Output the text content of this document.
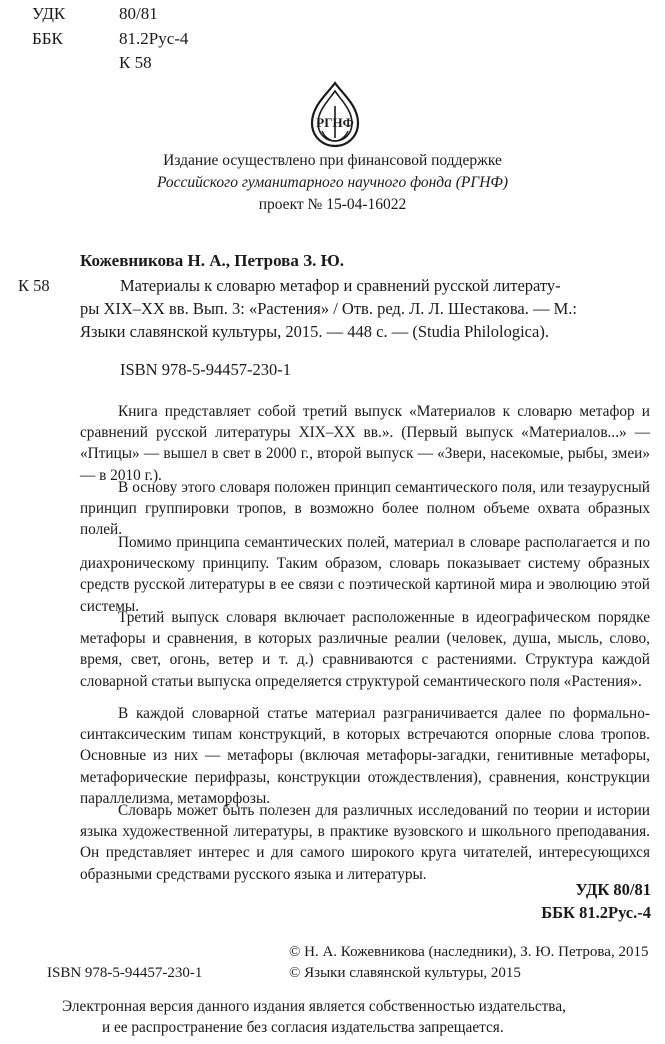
УДК	80/81
ББК	81.2Рус-4
К 58
РГНФ
Издание осуществлено при финансовой поддержке
Российского гуманитарного научного фонда (РГНФ)
проект № 15-04-16022
Кожевникова Н. А., Петрова З. Ю.
К 58	Материалы к словарю метафор и сравнений русской литерату-
ры XIX–XX вв. Вып. 3: «Растения» / Отв. ред. Л. Л. Шестакова. — М.:
Языки славянской культуры, 2015. — 448 с. — (Studia Philologica).
ISBN 978-5-94457-230-1

Книга представляет собой третий выпуск «Материалов к словарю метафор и сравнений русской литературы XIX–XX вв.». (Первый выпуск «Материалов...» — «Птицы» — вышел в свет в 2000 г., второй выпуск — «Звери, насекомые, рыбы, змеи» — в 2010 г.).

В основу этого словаря положен принцип семантического поля, или тезаурусный принцип группировки тропов, в возможно более полном объеме охвата образных полей.

Помимо принципа семантических полей, материал в словаре располагается и по диахроническому принципу. Таким образом, словарь показывает систему образных средств русской литературы в ее связи с поэтической картиной мира и эволюцию этой системы.

Третий выпуск словаря включает расположенные в идеографическом порядке метафоры и сравнения, в которых различные реалии (человек, душа, мысль, слово, время, свет, огонь, ветер и т. д.) сравниваются с растениями. Структура каждой словарной статьи выпуска определяется структурой семантического поля «Растения».

В каждой словарной статье материал разграничивается далее по формально-синтаксическим типам конструкций, в которых встречаются опорные слова тропов. Основные из них — метафоры (включая метафоры-загадки, генитивные метафоры, метафорические перифразы, конструкции отождествления), сравнения, конструкции параллелизма, метаморфозы.

Словарь может быть полезен для различных исследований по теории и истории языка художественной литературы, в практике вузовского и школьного преподавания. Он представляет интерес и для самого широкого круга читателей, интересующихся образными средствами русского языка и литературы.

УДК 80/81
ББК 81.2Рус.-4
© Н. А. Кожевникова (наследники), З. Ю. Петрова, 2015
ISBN 978-5-94457-230-1	© Языки славянской культуры, 2015
Электронная версия данного издания является собственностью издательства,
и ее распространение без согласия издательства запрещается.
